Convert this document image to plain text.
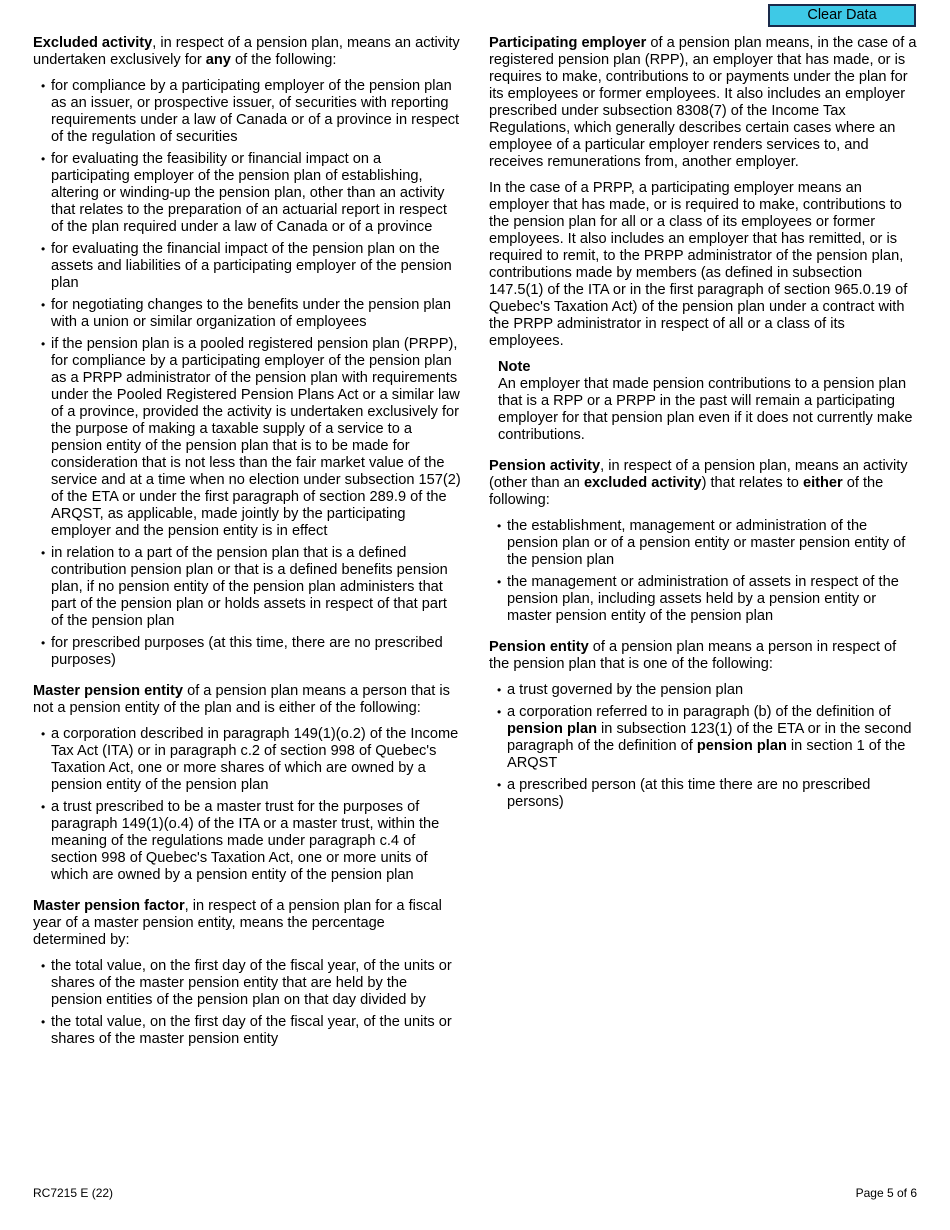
Clear Data

Excluded activity, in respect of a pension plan, means an activity undertaken exclusively for any of the following:

• for compliance by a participating employer of the pension plan as an issuer, or prospective issuer, of securities with reporting requirements under a law of Canada or of a province in respect of the regulation of securities
• for evaluating the feasibility or financial impact on a participating employer of the pension plan of establishing, altering or winding-up the pension plan, other than an activity that relates to the preparation of an actuarial report in respect of the plan required under a law of Canada or of a province
• for evaluating the financial impact of the pension plan on the assets and liabilities of a participating employer of the pension plan
• for negotiating changes to the benefits under the pension plan with a union or similar organization of employees
• if the pension plan is a pooled registered pension plan (PRPP), for compliance by a participating employer of the pension plan as a PRPP administrator of the pension plan with requirements under the Pooled Registered Pension Plans Act or a similar law of a province, provided the activity is undertaken exclusively for the purpose of making a taxable supply of a service to a pension entity of the pension plan that is to be made for consideration that is not less than the fair market value of the service and at a time when no election under subsection 157(2) of the ETA or under the first paragraph of section 289.9 of the ARQST, as applicable, made jointly by the participating employer and the pension entity is in effect
• in relation to a part of the pension plan that is a defined contribution pension plan or that is a defined benefits pension plan, if no pension entity of the pension plan administers that part of the pension plan or holds assets in respect of that part of the pension plan
• for prescribed purposes (at this time, there are no prescribed purposes)

Master pension entity of a pension plan means a person that is not a pension entity of the plan and is either of the following:

• a corporation described in paragraph 149(1)(o.2) of the Income Tax Act (ITA) or in paragraph c.2 of section 998 of Quebec's Taxation Act, one or more shares of which are owned by a pension entity of the pension plan
• a trust prescribed to be a master trust for the purposes of paragraph 149(1)(o.4) of the ITA or a master trust, within the meaning of the regulations made under paragraph c.4 of section 998 of Quebec's Taxation Act, one or more units of which are owned by a pension entity of the pension plan

Master pension factor, in respect of a pension plan for a fiscal year of a master pension entity, means the percentage determined by:

• the total value, on the first day of the fiscal year, of the units or shares of the master pension entity that are held by the pension entities of the pension plan on that day divided by
• the total value, on the first day of the fiscal year, of the units or shares of the master pension entity

Participating employer of a pension plan means, in the case of a registered pension plan (RPP), an employer that has made, or is requires to make, contributions to or payments under the plan for its employees or former employees. It also includes an employer prescribed under subsection 8308(7) of the Income Tax Regulations, which generally describes certain cases where an employee of a particular employer renders services to, and receives remunerations from, another employer.

In the case of a PRPP, a participating employer means an employer that has made, or is required to make, contributions to the pension plan for all or a class of its employees or former employees. It also includes an employer that has remitted, or is required to remit, to the PRPP administrator of the pension plan, contributions made by members (as defined in subsection 147.5(1) of the ITA or in the first paragraph of section 965.0.19 of Quebec's Taxation Act) of the pension plan under a contract with the PRPP administrator in respect of all or a class of its employees.

Note
An employer that made pension contributions to a pension plan that is a RPP or a PRPP in the past will remain a participating employer for that pension plan even if it does not currently make contributions.

Pension activity, in respect of a pension plan, means an activity (other than an excluded activity) that relates to either of the following:

• the establishment, management or administration of the pension plan or of a pension entity or master pension entity of the pension plan
• the management or administration of assets in respect of the pension plan, including assets held by a pension entity or master pension entity of the pension plan

Pension entity of a pension plan means a person in respect of the pension plan that is one of the following:

• a trust governed by the pension plan
• a corporation referred to in paragraph (b) of the definition of pension plan in subsection 123(1) of the ETA or in the second paragraph of the definition of pension plan in section 1 of the ARQST
• a prescribed person (at this time there are no prescribed persons)
RC7215 E (22)	Page 5 of 6
